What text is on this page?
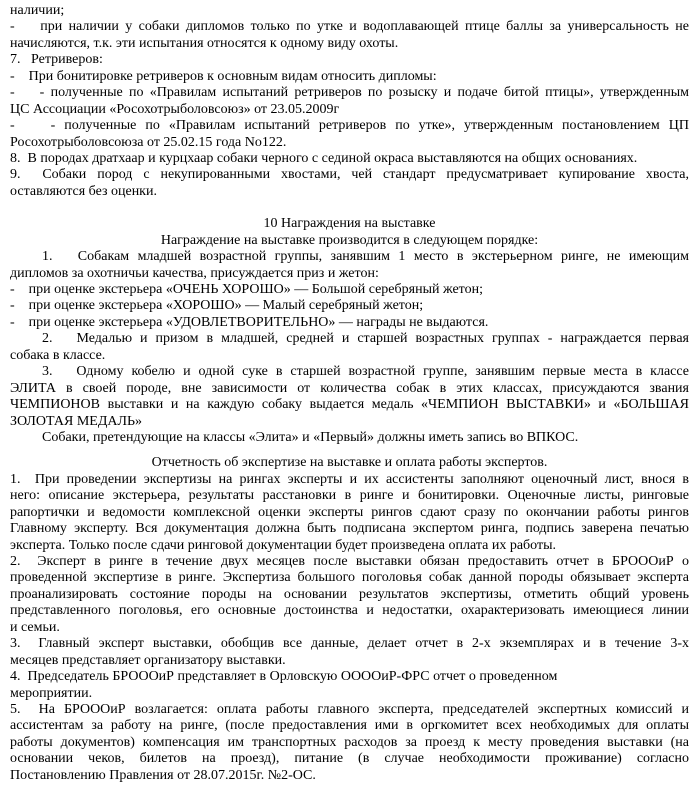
наличии;
-    при наличии у собаки дипломов только по утке и водоплавающей птице баллы за универсальность не
начисляются, т.к. эти испытания относятся к одному виду охоты.
7.   Ретриверов:
-    При бонитировке ретриверов к основным видам относить дипломы:
-    - полученные по «Правилам испытаний ретриверов по розыску и подаче битой птицы», утвержденным
ЦС Ассоциации «Росохотрыболовсоюз» от 23.05.2009г
-    - полученные по «Правилам испытаний ретриверов по утке», утвержденным постановлением ЦП
Росохотрыболовсоюза от 25.02.15 года No122.
8.  В породах дратхаар и курцхаар собаки черного с сединой окраса выставляются на общих основаниях.
9.  Собаки пород с некупированными хвостами, чей стандарт предусматривает купирование хвоста,
оставляются без оценки.
10 Награждения на выставке
Награждение на выставке производится в следующем порядке:
1.   Собакам младшей возрастной группы, занявшим 1 место в экстерьерном ринге, не имеющим
дипломов за охотничьи качества, присуждается приз и жетон:
-    при оценке экстерьера «ОЧЕНЬ ХОРОШО» — Большой серебряный жетон;
-    при оценке экстерьера «ХОРОШО» — Малый серебряный жетон;
-    при оценке экстерьера «УДОВЛЕТВОРИТЕЛЬНО» — награды не выдаются.
2.   Медалью и призом в младшей, средней и старшей возрастных группах - награждается первая
собака в классе.
3.   Одному кобелю и одной суке в старшей возрастной группе, занявшим первые места в классе
ЭЛИТА в своей породе, вне зависимости от количества собак в этих классах, присуждаются звания
ЧЕМПИОНОВ выставки и на каждую собаку выдается медаль «ЧЕМПИОН ВЫСТАВКИ» и «БОЛЬШАЯ
ЗОЛОТАЯ МЕДАЛЬ»
Собаки, претендующие на классы «Элита» и «Первый» должны иметь запись во ВПКОС.
Отчетность об экспертизе на выставке и оплата работы экспертов.
1.  При проведении экспертизы на рингах эксперты и их ассистенты заполняют оценочный лист, внося в
него: описание экстерьера, результаты расстановки в ринге и бонитировки. Оценочные листы, ринговые
рапортички и ведомости комплексной оценки эксперты рингов сдают сразу по окончании работы рингов
Главному эксперту. Вся документация должна быть подписана экспертом ринга, подпись заверена печатью
эксперта. Только после сдачи ринговой документации будет произведена оплата их работы.
2.  Эксперт в ринге в течение двух месяцев после выставки обязан предоставить отчет в БРОООиР о
проведенной экспертизе в ринге. Экспертиза большого поголовья собак данной породы обязывает эксперта
проанализировать состояние породы на основании результатов экспертизы, отметить общий уровень
представленного поголовья, его основные достоинства и недостатки, охарактеризовать имеющиеся линии
и семьи.
3.  Главный эксперт выставки, обобщив все данные, делает отчет в 2-х экземплярах и в течение 3-х
месяцев представляет организатору выставки.
4.  Председатель БРОООиР представляет в Орловскую ООООиР-ФРС отчет о проведенном
мероприятии.
5.  На БРОООиР возлагается: оплата работы главного эксперта, председателей экспертных комиссий и
ассистентам за работу на ринге, (после предоставления ими в оргкомитет всех необходимых для оплаты
работы документов) компенсация им транспортных расходов за проезд к месту проведения выставки (на
основании чеков, билетов на проезд), питание (в случае необходимости проживание) согласно
Постановлению Правления от 28.07.2015г. №2-ОС.
